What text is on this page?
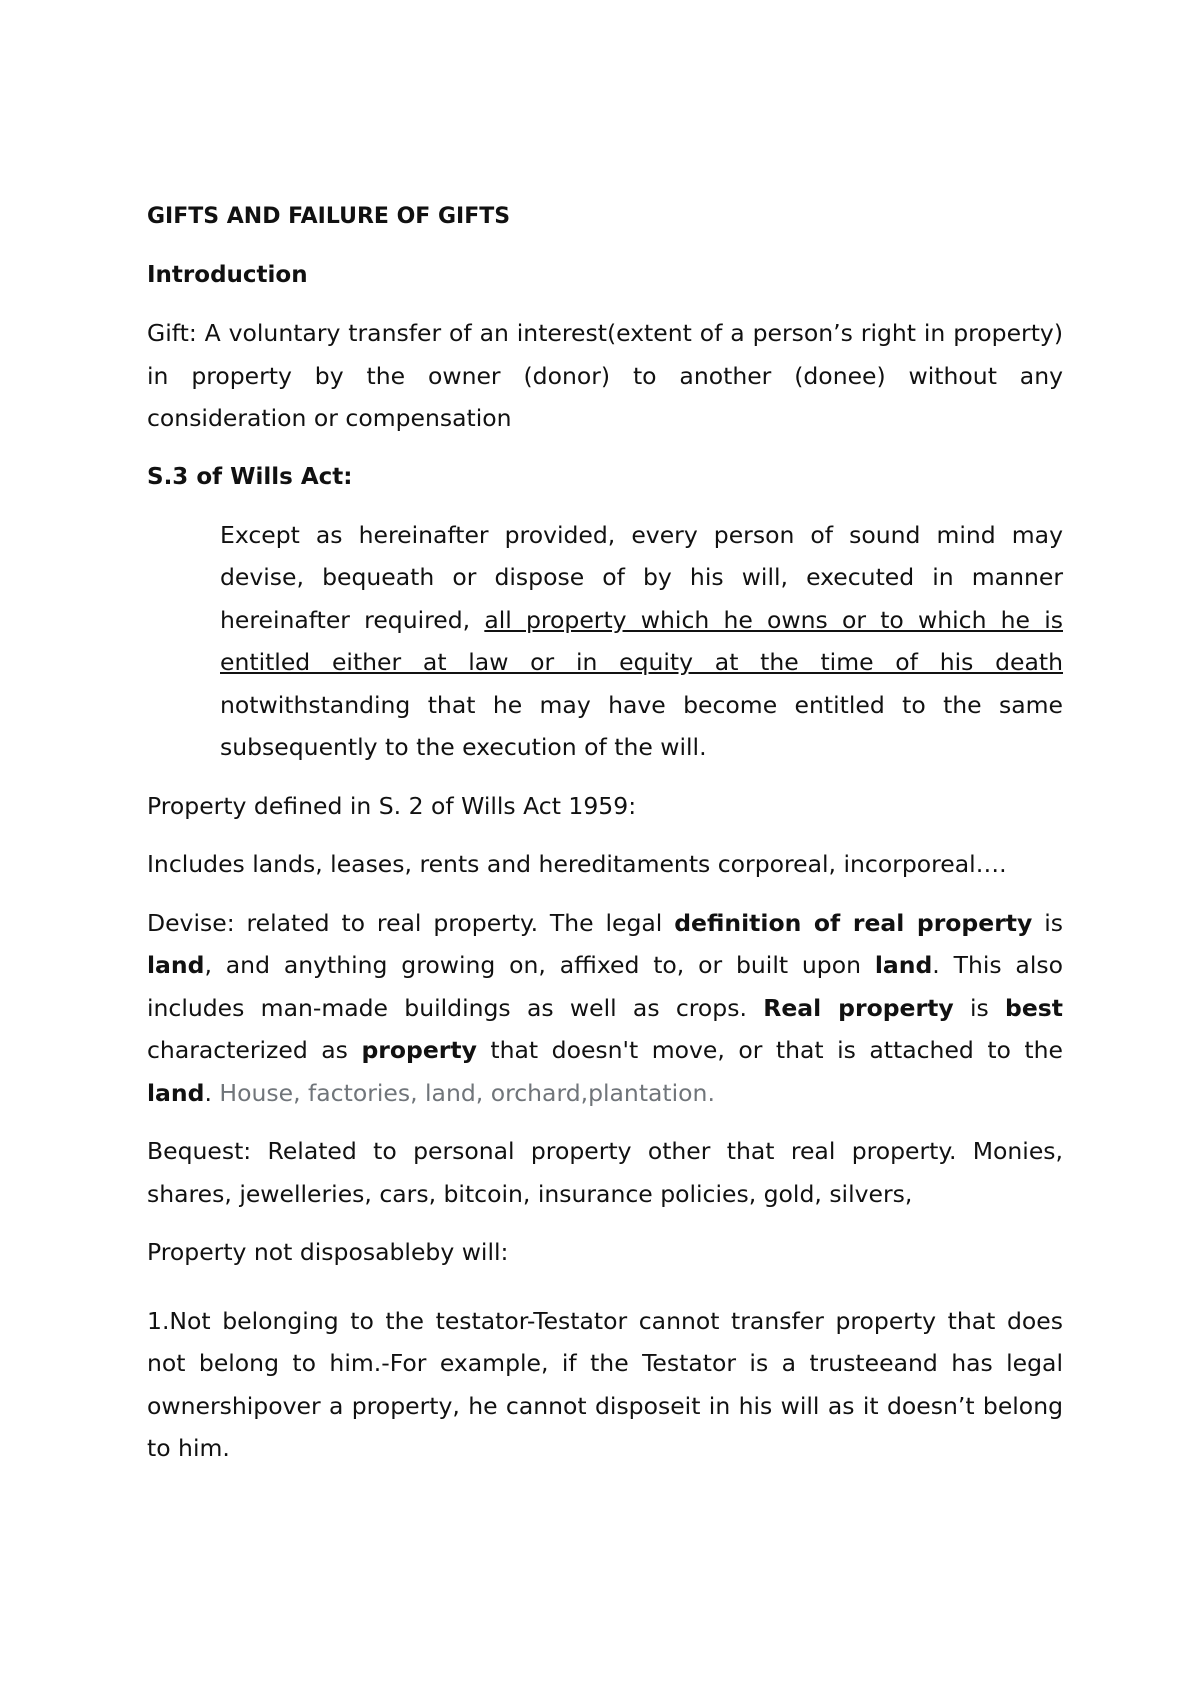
GIFTS AND FAILURE OF GIFTS

Introduction

Gift: A voluntary transfer of an interest(extent of a person’s right in property) in property by the owner (donor) to another (donee) without any consideration or compensation

S.3 of Wills Act:

Except as hereinafter provided, every person of sound mind may devise, bequeath or dispose of by his will, executed in manner hereinafter required, all property which he owns or to which he is entitled either at law or in equity at the time of his death notwithstanding that he may have become entitled to the same subsequently to the execution of the will.

Property defined in S. 2 of Wills Act 1959:

Includes lands, leases, rents and hereditaments corporeal, incorporeal….

Devise: related to real property. The legal definition of real property is land, and anything growing on, affixed to, or built upon land. This also includes man-made buildings as well as crops. Real property is best characterized as property that doesn't move, or that is attached to the land. House, factories, land, orchard,plantation.

Bequest: Related to personal property other that real property. Monies, shares, jewelleries, cars, bitcoin, insurance policies, gold, silvers,

Property not disposableby will:

1.Not belonging to the testator-Testator cannot transfer property that does not belong to him.-For example, if the Testator is a trusteeand has legal ownershipover a property, he cannot disposeit in his will as it doesn’t belong to him.
